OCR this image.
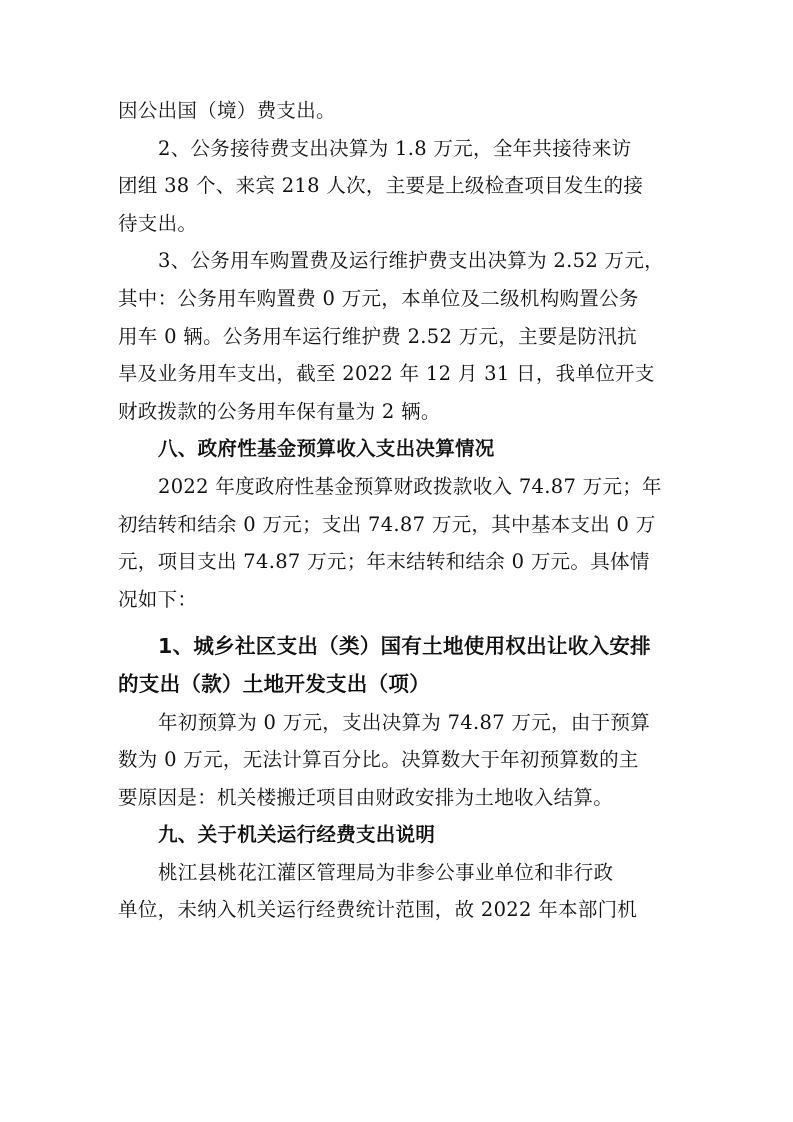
因公出国（境）费支出。
2、公务接待费支出决算为 1.8 万元，全年共接待来访
团组 38 个、来宾 218 人次，主要是上级检查项目发生的接
待支出。
3、公务用车购置费及运行维护费支出决算为 2.52 万元，
其中：公务用车购置费 0 万元，本单位及二级机构购置公务
用车 0 辆。公务用车运行维护费 2.52 万元，主要是防汛抗
旱及业务用车支出，截至 2022 年 12 月 31 日，我单位开支
财政拨款的公务用车保有量为 2 辆。
八、政府性基金预算收入支出决算情况
2022 年度政府性基金预算财政拨款收入 74.87 万元；年
初结转和结余 0 万元；支出 74.87 万元，其中基本支出 0 万
元，项目支出 74.87 万元；年末结转和结余 0 万元。具体情
况如下：
1、城乡社区支出（类）国有土地使用权出让收入安排
的支出（款）土地开发支出（项）
年初预算为 0 万元，支出决算为 74.87 万元，由于预算
数为 0 万元，无法计算百分比。决算数大于年初预算数的主
要原因是：机关楼搬迁项目由财政安排为土地收入结算。
九、关于机关运行经费支出说明
桃江县桃花江灌区管理局为非参公事业单位和非行政
单位，未纳入机关运行经费统计范围，故 2022 年本部门机
